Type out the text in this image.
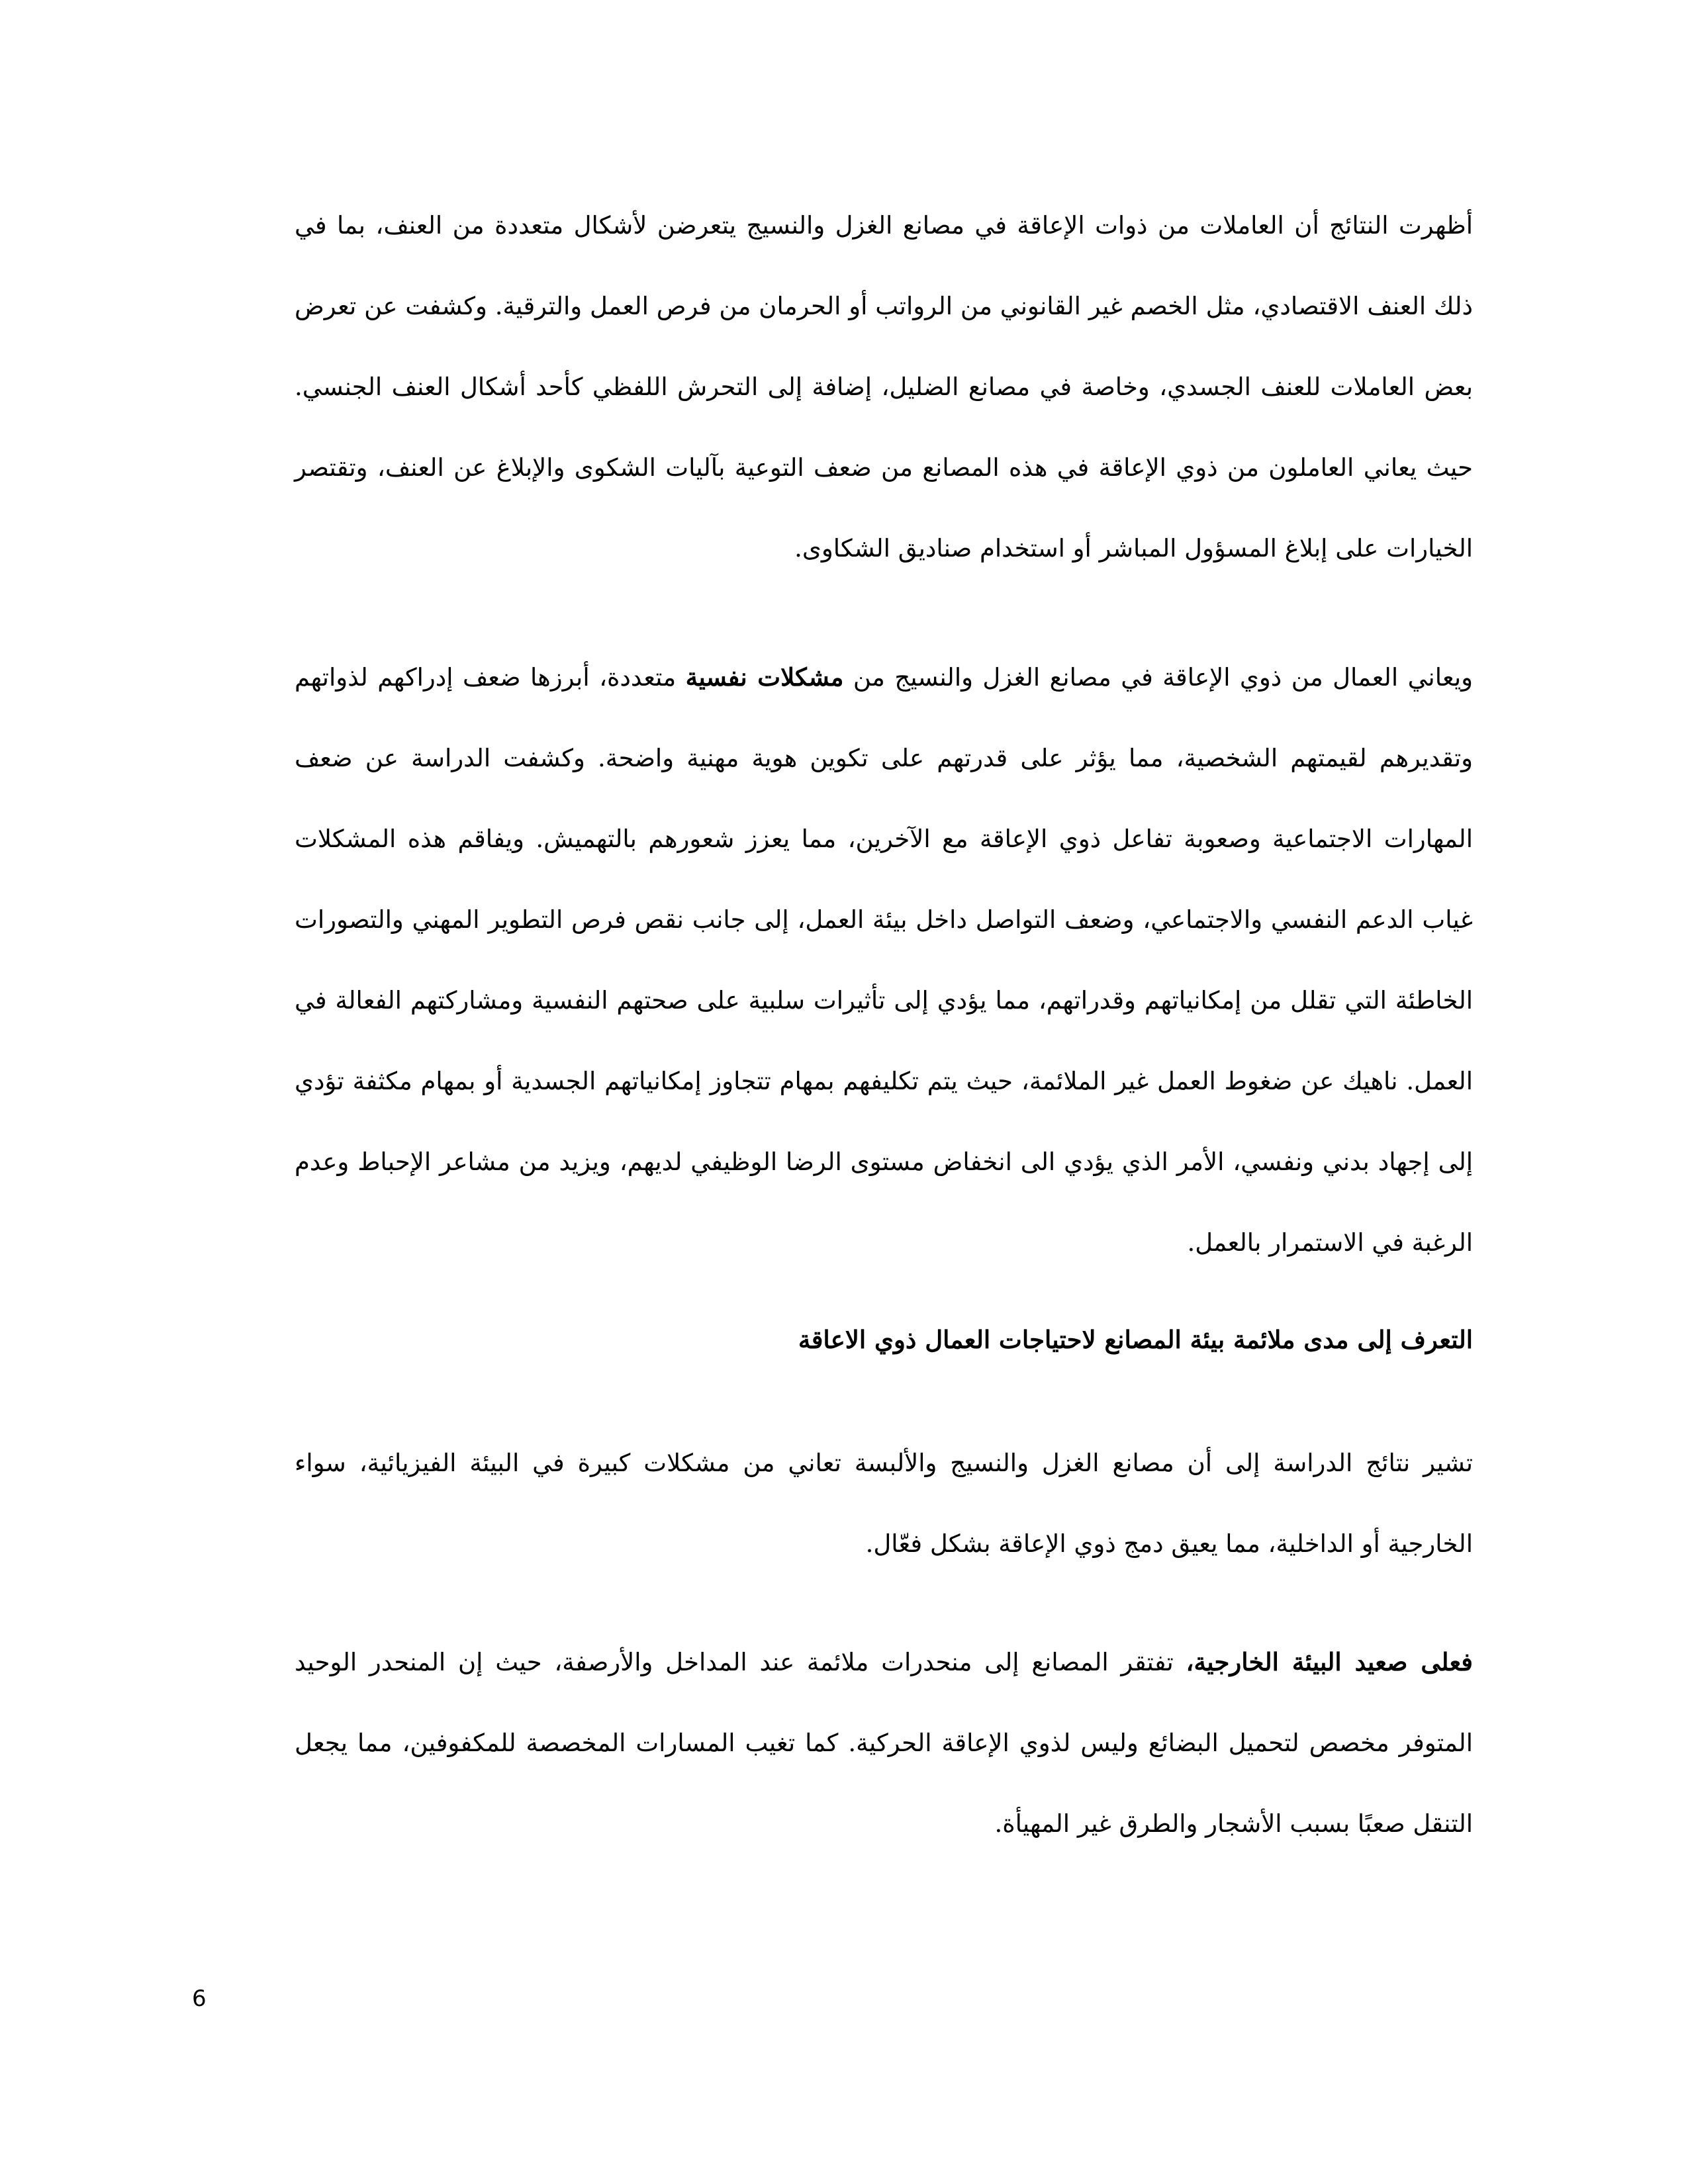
أظهرت النتائج أن العاملات من ذوات الإعاقة في مصانع الغزل والنسيج يتعرضن لأشكال متعددة من العنف، بما في ذلك العنف الاقتصادي، مثل الخصم غير القانوني من الرواتب أو الحرمان من فرص العمل والترقية. وكشفت عن تعرض بعض العاملات للعنف الجسدي، وخاصة في مصانع الضليل، إضافة إلى التحرش اللفظي كأحد أشكال العنف الجنسي. حيث يعاني العاملون من ذوي الإعاقة في هذه المصانع من ضعف التوعية بآليات الشكوى والإبلاغ عن العنف، وتقتصر الخيارات على إبلاغ المسؤول المباشر أو استخدام صناديق الشكاوى.

ويعاني العمال من ذوي الإعاقة في مصانع الغزل والنسيج من مشكلات نفسية متعددة، أبرزها ضعف إدراكهم لذواتهم وتقديرهم لقيمتهم الشخصية، مما يؤثر على قدرتهم على تكوين هوية مهنية واضحة. وكشفت الدراسة عن ضعف المهارات الاجتماعية وصعوبة تفاعل ذوي الإعاقة مع الآخرين، مما يعزز شعورهم بالتهميش. ويفاقم هذه المشكلات غياب الدعم النفسي والاجتماعي، وضعف التواصل داخل بيئة العمل، إلى جانب نقص فرص التطوير المهني والتصورات الخاطئة التي تقلل من إمكانياتهم وقدراتهم، مما يؤدي إلى تأثيرات سلبية على صحتهم النفسية ومشاركتهم الفعالة في العمل. ناهيك عن ضغوط العمل غير الملائمة، حيث يتم تكليفهم بمهام تتجاوز إمكانياتهم الجسدية أو بمهام مكثفة تؤدي إلى إجهاد بدني ونفسي، الأمر الذي يؤدي الى انخفاض مستوى الرضا الوظيفي لديهم، ويزيد من مشاعر الإحباط وعدم الرغبة في الاستمرار بالعمل.

التعرف إلى مدى ملائمة بيئة المصانع لاحتياجات العمال ذوي الاعاقة

تشير نتائج الدراسة إلى أن مصانع الغزل والنسيج والألبسة تعاني من مشكلات كبيرة في البيئة الفيزيائية، سواء الخارجية أو الداخلية، مما يعيق دمج ذوي الإعاقة بشكل فعّال.

فعلى صعيد البيئة الخارجية، تفتقر المصانع إلى منحدرات ملائمة عند المداخل والأرصفة، حيث إن المنحدر الوحيد المتوفر مخصص لتحميل البضائع وليس لذوي الإعاقة الحركية. كما تغيب المسارات المخصصة للمكفوفين، مما يجعل التنقل صعبًا بسبب الأشجار والطرق غير المهيأة.

6
